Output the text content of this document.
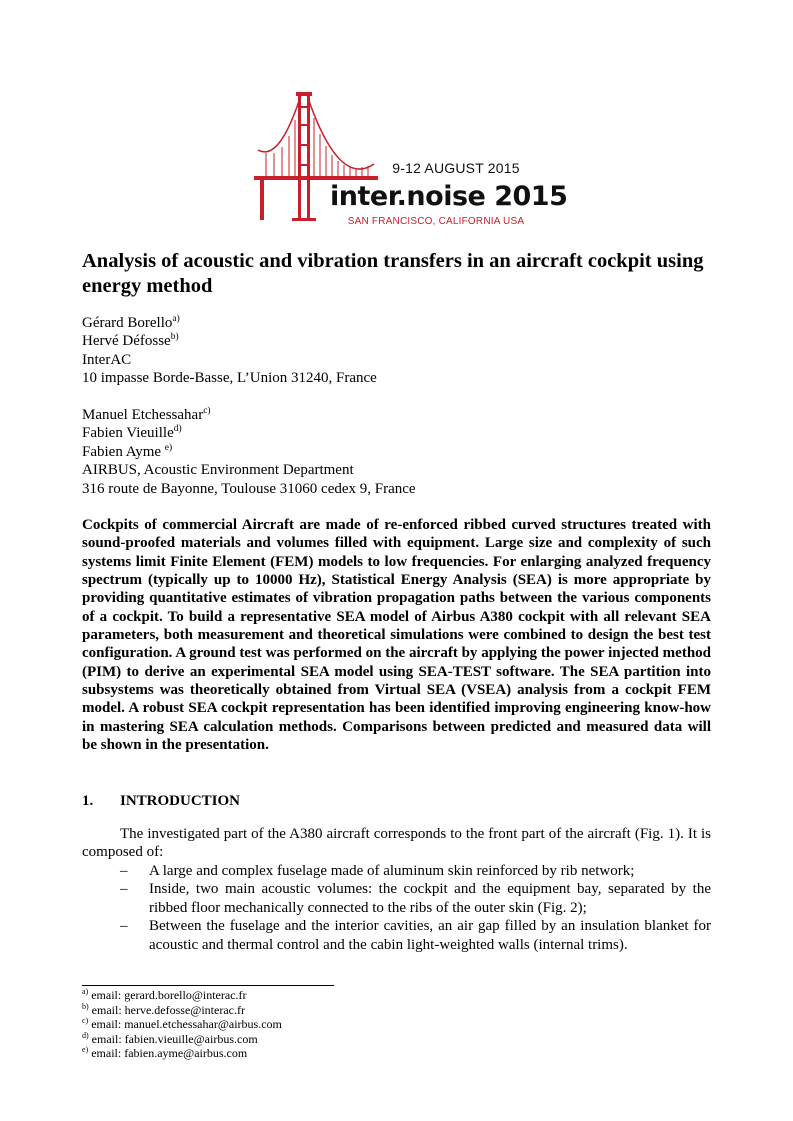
9-12 AUGUST 2015
inter.noise 2015
SAN FRANCISCO, CALIFORNIA USA
Analysis of acoustic and vibration transfers in an aircraft cockpit using energy method
Gérard Borello$^{a)}$
Hervé Défosse$^{b)}$
InterAC
10 impasse Borde-Basse, L’Union 31240, France
Manuel Etchessahar$^{c)}$
Fabien Vieuille$^{d)}$
Fabien Ayme $^{e)}$
AIRBUS, Acoustic Environment Department
316 route de Bayonne, Toulouse 31060 cedex 9, France

Cockpits of commercial Aircraft are made of re-enforced ribbed curved structures treated with sound-proofed materials and volumes filled with equipment. Large size and complexity of such systems limit Finite Element (FEM) models to low frequencies. For enlarging analyzed frequency spectrum (typically up to 10000 Hz), Statistical Energy Analysis (SEA) is more appropriate by providing quantitative estimates of vibration propagation paths between the various components of a cockpit. To build a representative SEA model of Airbus A380 cockpit with all relevant SEA parameters, both measurement and theoretical simulations were combined to design the best test configuration. A ground test was performed on the aircraft by applying the power injected method (PIM) to derive an experimental SEA model using SEA-TEST software. The SEA partition into subsystems was theoretically obtained from Virtual SEA (VSEA) analysis from a cockpit FEM model. A robust SEA cockpit representation has been identified improving engineering know-how in mastering SEA calculation methods. Comparisons between predicted and measured data will be shown in the presentation.

1. INTRODUCTION

The investigated part of the A380 aircraft corresponds to the front part of the aircraft (Fig. 1). It is composed of:

– A large and complex fuselage made of aluminum skin reinforced by rib network;
– Inside, two main acoustic volumes: the cockpit and the equipment bay, separated by the ribbed floor mechanically connected to the ribs of the outer skin (Fig. 2);
– Between the fuselage and the interior cavities, an air gap filled by an insulation blanket for acoustic and thermal control and the cabin light-weighted walls (internal trims).
$^{a)}$ email: gerard.borello@interac.fr
$^{b)}$ email: herve.defosse@interac.fr
$^{c)}$ email: manuel.etchessahar@airbus.com
$^{d)}$ email: fabien.vieuille@airbus.com
$^{e)}$ email: fabien.ayme@airbus.com
